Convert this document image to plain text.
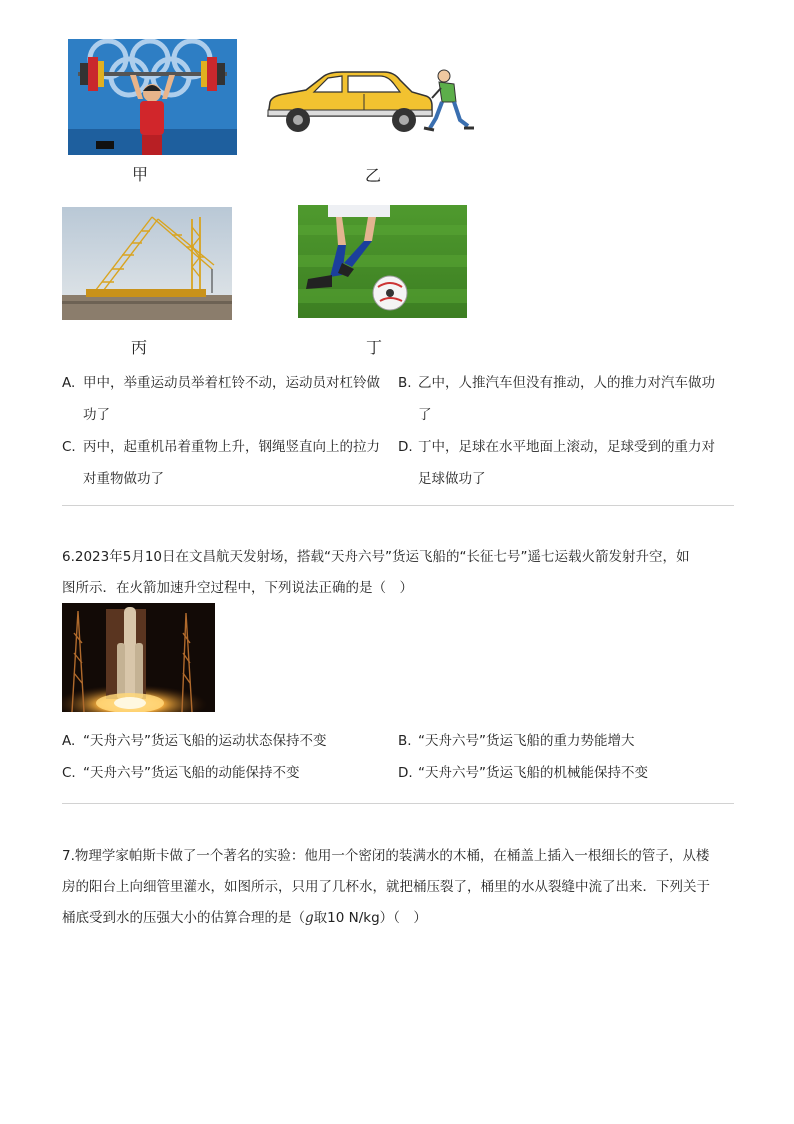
甲	乙
丙	丁
A. 甲中，举重运动员举着杠铃不动，运动员对杠铃做
功了
B. 乙中，人推汽车但没有推动，人的推力对汽车做功
了
C. 丙中，起重机吊着重物上升，钢绳竖直向上的拉力
对重物做功了
D. 丁中，足球在水平地面上滚动，足球受到的重力对
足球做功了
6.2023年5月10日在文昌航天发射场，搭载“天舟六号”货运飞船的“长征七号”遥七运载火箭发射升空，如
图所示．在火箭加速升空过程中，下列说法正确的是（　）
A. “天舟六号”货运飞船的运动状态保持不变	B. “天舟六号”货运飞船的重力势能增大
C. “天舟六号”货运飞船的动能保持不变	D. “天舟六号”货运飞船的机械能保持不变
7.物理学家帕斯卡做了一个著名的实验：他用一个密闭的装满水的木桶，在桶盖上插入一根细长的管子，从楼
房的阳台上向细管里灌水，如图所示，只用了几杯水，就把桶压裂了，桶里的水从裂缝中流了出来．下列关于
桶底受到水的压强大小的估算合理的是（g取10 N/kg）（　）
